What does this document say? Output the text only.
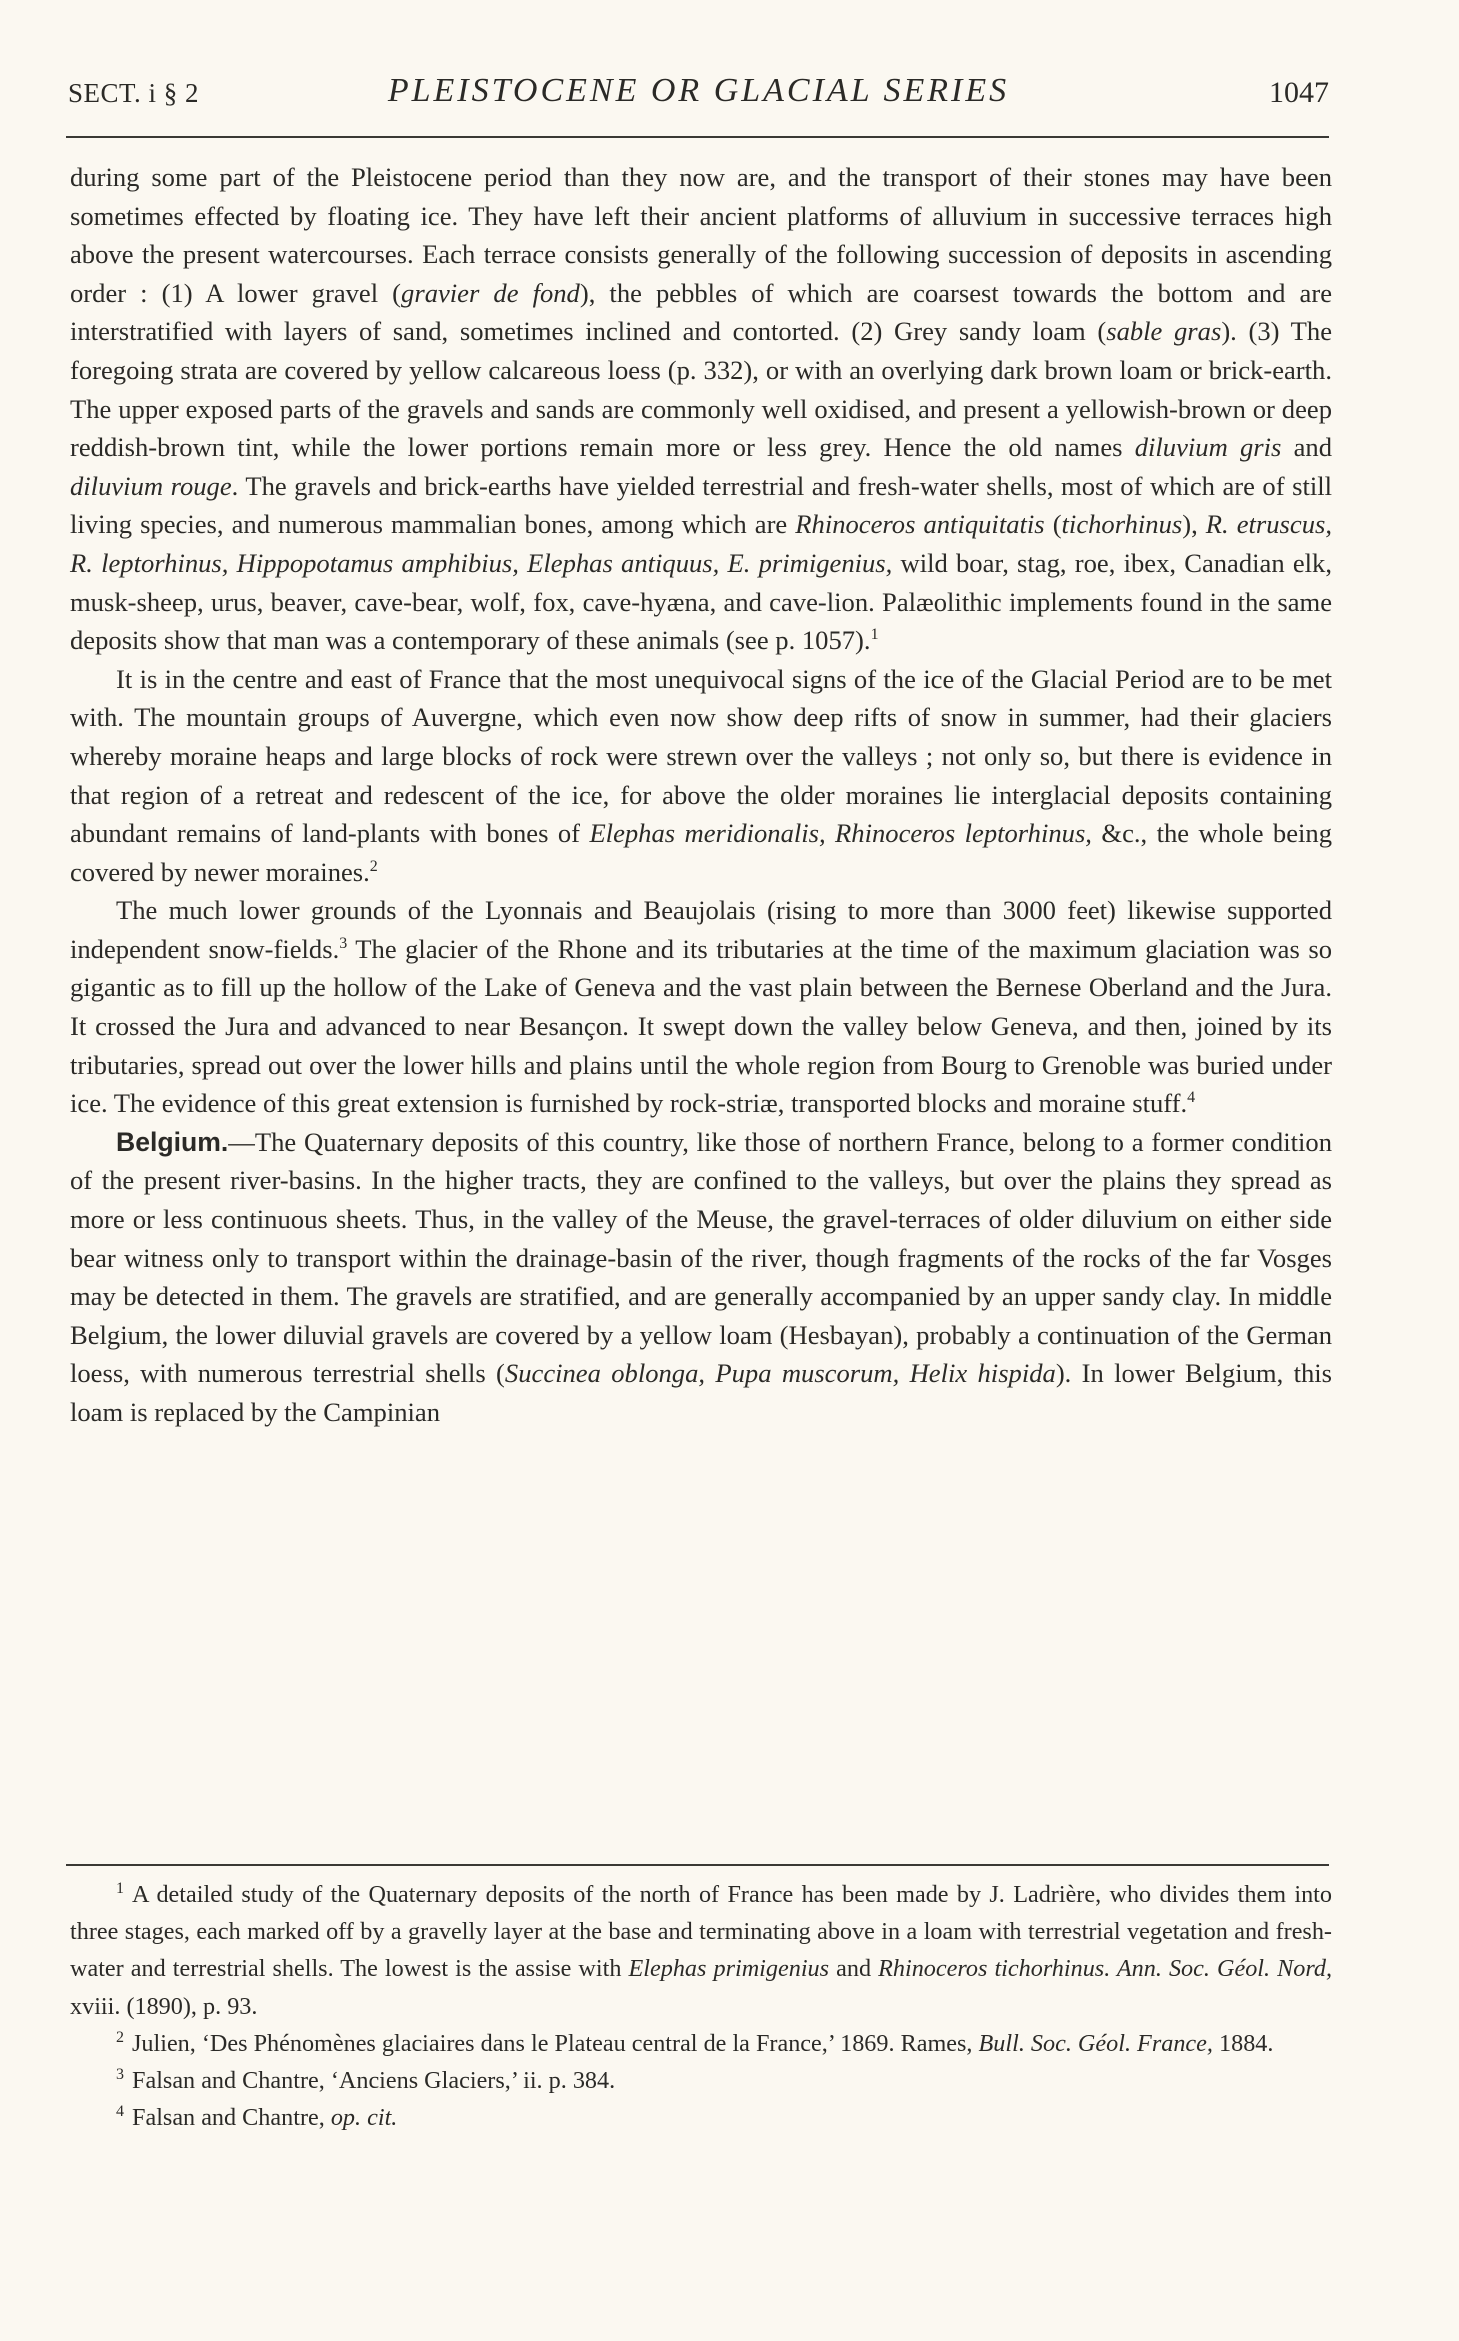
SECT. i § 2	PLEISTOCENE OR GLACIAL SERIES	1047

during some part of the Pleistocene period than they now are, and the transport of their stones may have been sometimes effected by floating ice. They have left their ancient platforms of alluvium in successive terraces high above the present watercourses. Each terrace consists generally of the following succession of deposits in ascending order : (1) A lower gravel (gravier de fond), the pebbles of which are coarsest towards the bottom and are interstratified with layers of sand, sometimes inclined and contorted. (2) Grey sandy loam (sable gras). (3) The foregoing strata are covered by yellow calcareous loess (p. 332), or with an overlying dark brown loam or brick-earth. The upper exposed parts of the gravels and sands are commonly well oxidised, and present a yellowish-brown or deep reddish-brown tint, while the lower portions remain more or less grey. Hence the old names diluvium gris and diluvium rouge. The gravels and brick-earths have yielded terrestrial and fresh-water shells, most of which are of still living species, and numerous mammalian bones, among which are Rhinoceros antiquitatis (tichorhinus), R. etruscus, R. leptorhinus, Hippopotamus amphibius, Elephas antiquus, E. primigenius, wild boar, stag, roe, ibex, Canadian elk, musk-sheep, urus, beaver, cave-bear, wolf, fox, cave-hyæna, and cave-lion. Palæolithic implements found in the same deposits show that man was a contemporary of these animals (see p. 1057).$^1$

It is in the centre and east of France that the most unequivocal signs of the ice of the Glacial Period are to be met with. The mountain groups of Auvergne, which even now show deep rifts of snow in summer, had their glaciers whereby moraine heaps and large blocks of rock were strewn over the valleys ; not only so, but there is evidence in that region of a retreat and redescent of the ice, for above the older moraines lie interglacial deposits containing abundant remains of land-plants with bones of Elephas meridionalis, Rhinoceros leptorhinus, &c., the whole being covered by newer moraines.$^2$

The much lower grounds of the Lyonnais and Beaujolais (rising to more than 3000 feet) likewise supported independent snow-fields.$^3$ The glacier of the Rhone and its tributaries at the time of the maximum glaciation was so gigantic as to fill up the hollow of the Lake of Geneva and the vast plain between the Bernese Oberland and the Jura. It crossed the Jura and advanced to near Besançon. It swept down the valley below Geneva, and then, joined by its tributaries, spread out over the lower hills and plains until the whole region from Bourg to Grenoble was buried under ice. The evidence of this great extension is furnished by rock-striæ, transported blocks and moraine stuff.$^4$

Belgium.—The Quaternary deposits of this country, like those of northern France, belong to a former condition of the present river-basins. In the higher tracts, they are confined to the valleys, but over the plains they spread as more or less continuous sheets. Thus, in the valley of the Meuse, the gravel-terraces of older diluvium on either side bear witness only to transport within the drainage-basin of the river, though fragments of the rocks of the far Vosges may be detected in them. The gravels are stratified, and are generally accompanied by an upper sandy clay. In middle Belgium, the lower diluvial gravels are covered by a yellow loam (Hesbayan), probably a continuation of the German loess, with numerous terrestrial shells (Succinea oblonga, Pupa muscorum, Helix hispida). In lower Belgium, this loam is replaced by the Campinian

$^1$ A detailed study of the Quaternary deposits of the north of France has been made by J. Ladrière, who divides them into three stages, each marked off by a gravelly layer at the base and terminating above in a loam with terrestrial vegetation and fresh-water and terrestrial shells. The lowest is the assise with Elephas primigenius and Rhinoceros tichorhinus. Ann. Soc. Géol. Nord, xviii. (1890), p. 93.

$^2$ Julien, ‘Des Phénomènes glaciaires dans le Plateau central de la France,’ 1869. Rames, Bull. Soc. Géol. France, 1884.

$^3$ Falsan and Chantre, ‘Anciens Glaciers,’ ii. p. 384.

$^4$ Falsan and Chantre, op. cit.
